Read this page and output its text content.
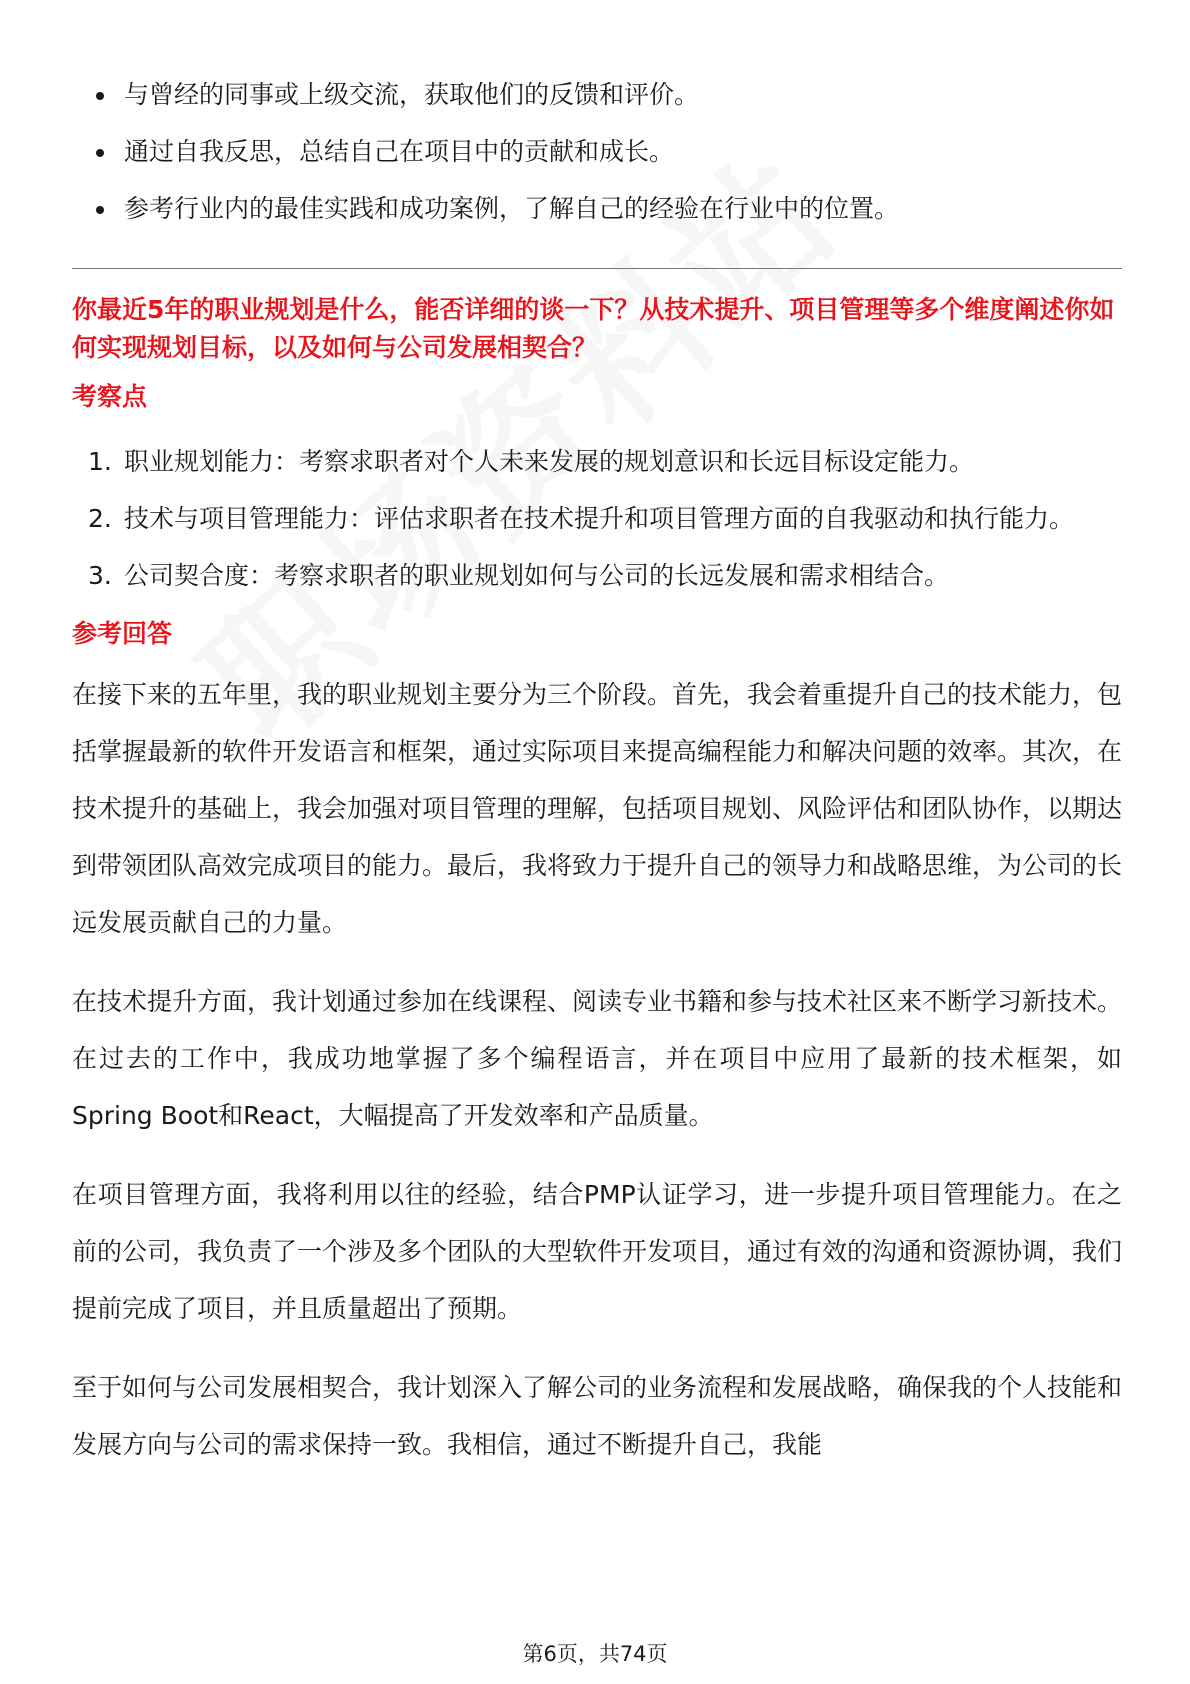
与曾经的同事或上级交流，获取他们的反馈和评价。
通过自我反思，总结自己在项目中的贡献和成长。
参考行业内的最佳实践和成功案例，了解自己的经验在行业中的位置。
你最近5年的职业规划是什么，能否详细的谈一下？从技术提升、项目管理等多个维度阐述你如何实现规划目标，以及如何与公司发展相契合？
考察点
1. 职业规划能力：考察求职者对个人未来发展的规划意识和长远目标设定能力。
2. 技术与项目管理能力：评估求职者在技术提升和项目管理方面的自我驱动和执行能力。
3. 公司契合度：考察求职者的职业规划如何与公司的长远发展和需求相结合。
参考回答

在接下来的五年里，我的职业规划主要分为三个阶段。首先，我会着重提升自己的技术能力，包括掌握最新的软件开发语言和框架，通过实际项目来提高编程能力和解决问题的效率。其次，在技术提升的基础上，我会加强对项目管理的理解，包括项目规划、风险评估和团队协作，以期达到带领团队高效完成项目的能力。最后，我将致力于提升自己的领导力和战略思维，为公司的长远发展贡献自己的力量。

在技术提升方面，我计划通过参加在线课程、阅读专业书籍和参与技术社区来不断学习新技术。在过去的工作中，我成功地掌握了多个编程语言，并在项目中应用了最新的技术框架，如Spring Boot和React，大幅提高了开发效率和产品质量。

在项目管理方面，我将利用以往的经验，结合PMP认证学习，进一步提升项目管理能力。在之前的公司，我负责了一个涉及多个团队的大型软件开发项目，通过有效的沟通和资源协调，我们提前完成了项目，并且质量超出了预期。

至于如何与公司发展相契合，我计划深入了解公司的业务流程和发展战略，确保我的个人技能和发展方向与公司的需求保持一致。我相信，通过不断提升自己，我能

第6页，共74页
